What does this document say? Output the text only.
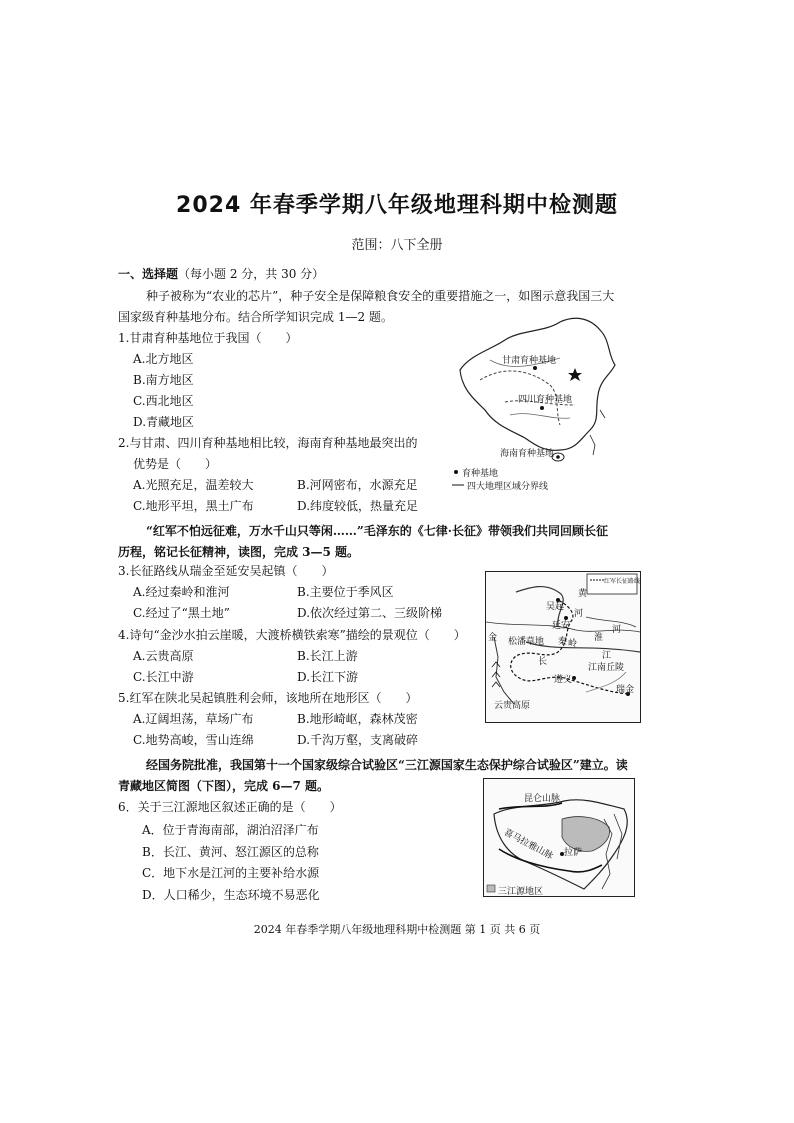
2024 年春季学期八年级地理科期中检测题
范围：八下全册
一、选择题（每小题 2 分，共 30 分）
种子被称为“农业的芯片”，种子安全是保障粮食安全的重要措施之一，如图示意我国三大
国家级育种基地分布。结合所学知识完成 1—2 题。
1.甘肃育种基地位于我国（　　）
A.北方地区
B.南方地区
C.西北地区
D.青藏地区
2.与甘肃、四川育种基地相比较，海南育种基地最突出的
优势是（　　）
A.光照充足，温差较大	B.河网密布，水源充足
C.地形平坦，黑土广布	D.纬度较低，热量充足
甘肃育种基地
四川育种基地
海南育种基地
育种基地
四大地理区域分界线
“红军不怕远征难，万水千山只等闲……”毛泽东的《七律·长征》带领我们共同回顾长征
历程，铭记长征精神，读图，完成 3—5 题。
3.长征路线从瑞金至延安吴起镇（　　）
A.经过秦岭和淮河	B.主要位于季风区
C.经过了“黑土地”	D.依次经过第二、三级阶梯
4.诗句“金沙水拍云崖暖，大渡桥横铁索寒”描绘的景观位（　　）
A.云贵高原	B.长江上游
C.长江中游	D.长江下游
5.红军在陕北吴起镇胜利会师，该地所在地形区（　　）
A.辽阔坦荡，草场广布	B.地形崎岖，森林茂密
C.地势高峻，雪山连绵	D.千沟万壑，支离破碎
红军长征路线
吴起
延安
黄
河
松潘 草地 秦 岭
金	淮
河
长
江
江南丘陵
遵义
瑞金
云贵高原
经国务院批准，我国第十一个国家级综合试验区“三江源国家生态保护综合试验区”建立。读
青藏地区简图（下图），完成 6—7 题。
6．关于三江源地区叙述正确的是（　　）
A．位于青海南部，湖泊沼泽广布
B．长江、黄河、怒江源区的总称
C．地下水是江河的主要补给水源
D．人口稀少，生态环境不易恶化
昆仑山脉
喜马拉雅山脉 拉萨
三江源地区
2024 年春季学期八年级地理科期中检测题 第 1 页 共 6 页
